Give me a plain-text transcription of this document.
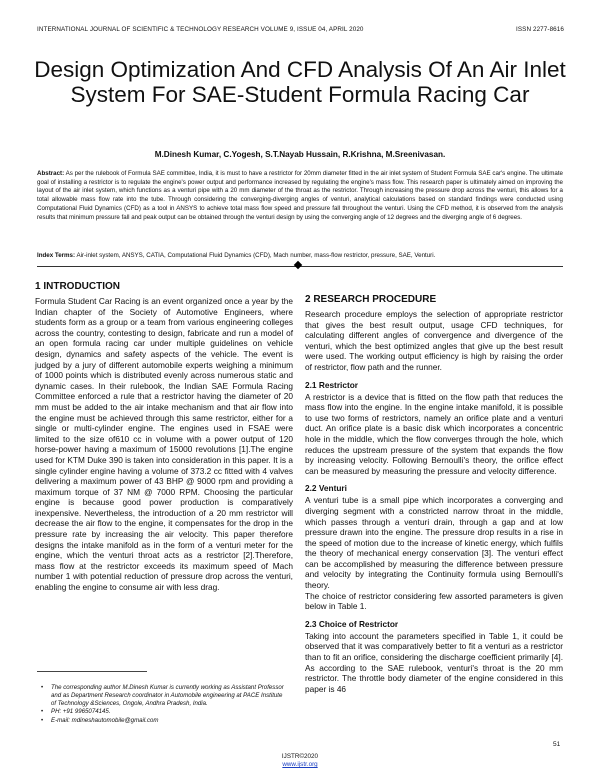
INTERNATIONAL JOURNAL OF SCIENTIFIC & TECHNOLOGY RESEARCH VOLUME 9, ISSUE 04, APRIL 2020	ISSN 2277-8616
Design Optimization And CFD Analysis Of An Air Inlet System For SAE-Student Formula Racing Car
M.Dinesh Kumar, C.Yogesh, S.T.Nayab Hussain, R.Krishna, M.Sreenivasan.
Abstract: As per the rulebook of Formula SAE committee, India, it is must to have a restrictor for 20mm diameter fitted in the air inlet system of Student Formula SAE car's engine. The ultimate goal of installing a restrictor is to regulate the engine's power output and performance increased by regulating the engine's mass flow. This research paper is ultimately aimed on improving the layout of the air inlet system, which functions as a venturi pipe with a 20 mm diameter of the throat as the restrictor. Through increasing the pressure drop across the venturi, this allows for a total allowable mass flow rate into the tube. Through considering the converging-diverging angles of venturi, analytical calculations based on standard findings were conducted using Computational Fluid Dynamics (CFD) as a tool in ANSYS to achieve total mass flow speed and pressure fall throughout the venturi. Using the CFD method, it is observed from the analysis results that minimum pressure fall and peak output can be obtained through the venturi design by using the converging angle of 12 degrees and the diverging angle of 6 degrees.
Index Terms: Air-inlet system, ANSYS, CATIA, Computational Fluid Dynamics (CFD), Mach number, mass-flow restrictor, pressure, SAE, Venturi.
1 INTRODUCTION

Formula Student Car Racing is an event organized once a year by the Indian chapter of the Society of Automotive Engineers, where students form as a group or a team from various engineering colleges across the country, contesting to design, fabricate and run a model of an open formula racing car under multiple guidelines on vehicle design, dynamics and safety aspects of the vehicle. The event is judged by a jury of different automobile experts weighing a minimum of 1000 points which is distributed evenly across numerous static and dynamic cases. In their rulebook, the Indian SAE Formula Racing Committee enforced a rule that a restrictor having the diameter of 20 mm must be added to the air intake mechanism and that air flow into the engine must be achieved through this same restrictor, either for a single or multi-cylinder engine. The engines used in FSAE were limited to the size of610 cc in volume with a power output of 120 horse-power having a maximum of 15000 revolutions [1].The engine used for KTM Duke 390 is taken into consideration in this paper. It is a single cylinder engine having a volume of 373.2 cc fitted with 4 valves delivering a maximum power of 43 BHP @ 9000 rpm and providing a maximum torque of 37 NM @ 7000 RPM. Choosing the particular engine is because good power production is comparatively inexpensive. Nevertheless, the introduction of a 20 mm restrictor will decrease the air flow to the engine, it compensates for the drop in the pressure rate by increasing the air velocity. This paper therefore designs the intake manifold as in the form of a venturi meter for the engine, which the venturi throat acts as a restrictor [2].Therefore, mass flow at the restrictor exceeds its maximum speed of Mach number 1 with potential reduction of pressure drop across the venturi, enabling the engine to consume air with less drag.

2 RESEARCH PROCEDURE

Research procedure employs the selection of appropriate restrictor that gives the best result output, usage CFD techniques, for calculating different angles of convergence and divergence of the venturi, which the best optimized angles that give up the best result were used. The working output efficiency is high by raising the order of restrictor, flow path and the runner.

2.1 Restrictor

A restrictor is a device that is fitted on the flow path that reduces the mass flow into the engine. In the engine intake manifold, it is possible to use two forms of restrictors, namely an orifice plate and a venturi duct. An orifice plate is a basic disk which incorporates a concentric hole in the middle, which the flow converges through the hole, which reduces the upstream pressure of the system that expands the flow by increasing velocity. Following Bernoulli's theory, the orifice effect can be measured by measuring the pressure and velocity difference.

2.2 Venturi

A venturi tube is a small pipe which incorporates a converging and diverging segment with a constricted narrow throat in the middle, which passes through a venturi drain, through a gap and at low pressure drawn into the engine. The pressure drop results in a rise in the speed of motion due to the increase of kinetic energy, which fulfils the theory of mechanical energy conservation [3]. The venturi effect can be accomplished by measuring the difference between pressure and velocity by integrating the Continuity formula using Bernoulli's theory.

The choice of restrictor considering few assorted parameters is given below in Table 1.

2.3 Choice of Restrictor

Taking into account the parameters specified in Table 1, it could be observed that it was comparatively better to fit a venturi as a restrictor than to fit an orifice, considering the discharge coefficient primarily [4]. As according to the SAE rulebook, venturi's throat is the 20 mm restrictor. The throttle body diameter of the engine considered in this paper is 46

• The corresponding author M.Dinesh Kumar is currently working as Assistant Professor and as Department Research coordinator in Automobile engineering at PACE Institute of Technology &Sciences, Ongole, Andhra Pradesh, India.
• PH: +91 9965074145.
• E-mail: mdineshautomobile@gmail.com
51
IJSTR©2020
www.ijstr.org
